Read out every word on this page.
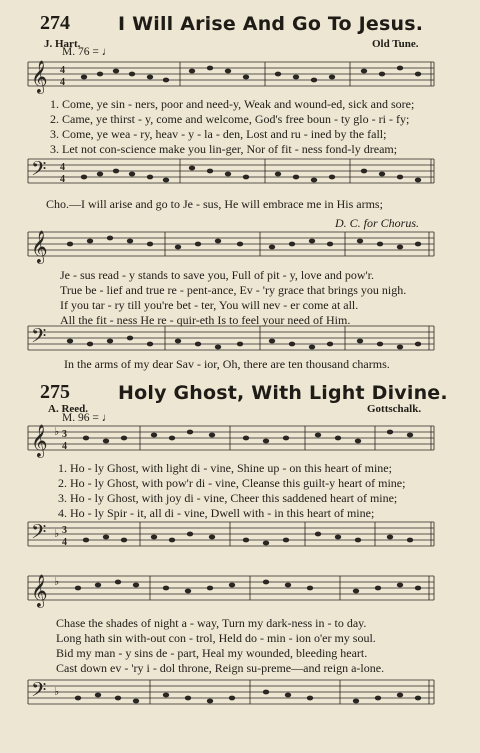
274	I Will Arise And Go To Jesus.
J. Hart.	Old Tune.
M. 76 = ♩
𝄞 4
4
1. Come, ye sin - ners, poor and need-y, Weak and wound-ed, sick and sore;
2. Came, ye thirst - y, come and welcome, God's free boun - ty glo - ri - fy;
3. Come, ye wea - ry, heav - y - la - den, Lost and ru - ined by the fall;
3. Let not con-science make you lin-ger, Nor of fit - ness fond-ly dream;
𝄢 4
4
Cho.—I will arise and go to Je - sus, He will embrace me in His arms;
D. C. for Chorus.
𝄞
Je - sus read - y stands to save you, Full of pit - y, love and pow'r.
True be - lief and true re - pent-ance, Ev - 'ry grace that brings you nigh.
If you tar - ry till you're bet - ter, You will nev - er come at all.
All the fit - ness He re - quir-eth Is to feel your need of Him.
𝄢
In the arms of my dear Sav - ior, Oh, there are ten thousand charms.
275	Holy Ghost, With Light Divine.
A. Reed.	Gottschalk.
M. 96 = ♩
𝄞 ♭ 3
4
1. Ho - ly Ghost, with light di - vine, Shine up - on this heart of mine;
2. Ho - ly Ghost, with pow'r di - vine, Cleanse this guilt-y heart of mine;
3. Ho - ly Ghost, with joy di - vine, Cheer this saddened heart of mine;
4. Ho - ly Spir - it, all di - vine, Dwell with - in this heart of mine;
𝄢 ♭ 3
4
𝄞 ♭
Chase the shades of night a - way, Turn my dark-ness in - to day.
Long hath sin with-out con - trol, Held do - min - ion o'er my soul.
Bid my man - y sins de - part, Heal my wounded, bleeding heart.
Cast down ev - 'ry i - dol throne, Reign su-preme—and reign a-lone.
𝄢 ♭
